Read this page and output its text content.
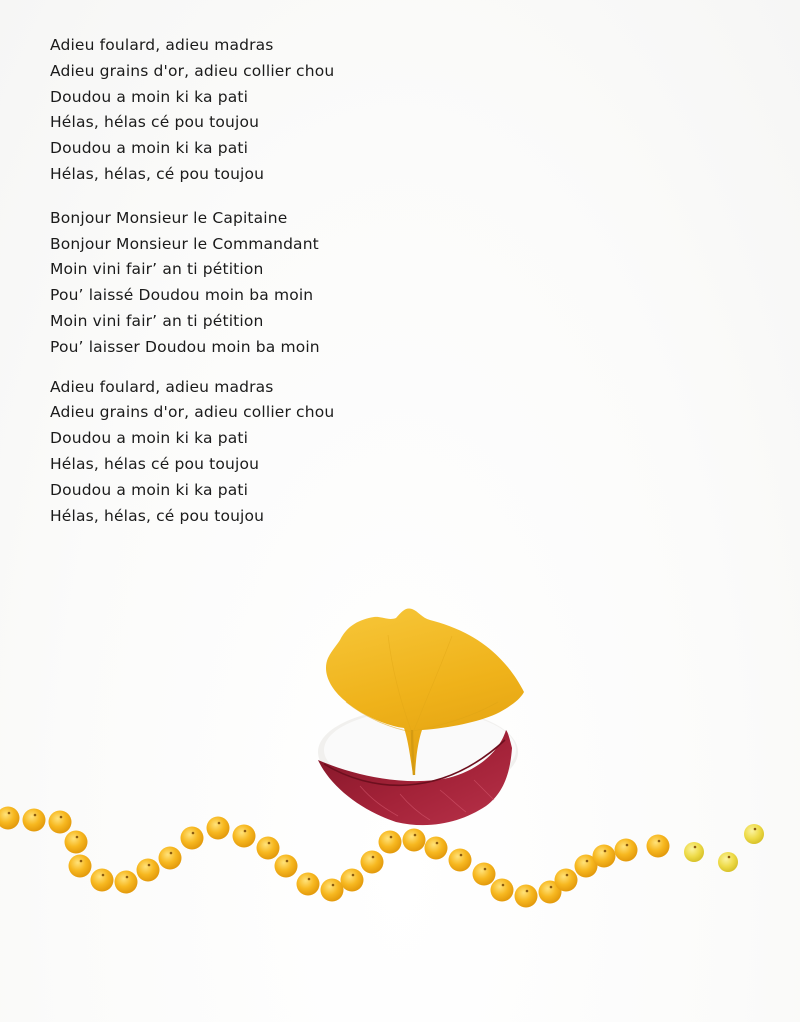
Adieu foulard, adieu madras
Adieu grains d'or, adieu collier chou
Doudou a moin ki ka pati
Hélas, hélas cé pou toujou
Doudou a moin ki ka pati
Hélas, hélas, cé pou toujou
Bonjour Monsieur le Capitaine
Bonjour Monsieur le Commandant
Moin vini fair’ an ti pétition
Pou’ laissé Doudou moin ba moin
Moin vini fair’ an ti pétition
Pou’ laisser Doudou moin ba moin
Adieu foulard, adieu madras
Adieu grains d'or, adieu collier chou
Doudou a moin ki ka pati
Hélas, hélas cé pou toujou
Doudou a moin ki ka pati
Hélas, hélas, cé pou toujou
